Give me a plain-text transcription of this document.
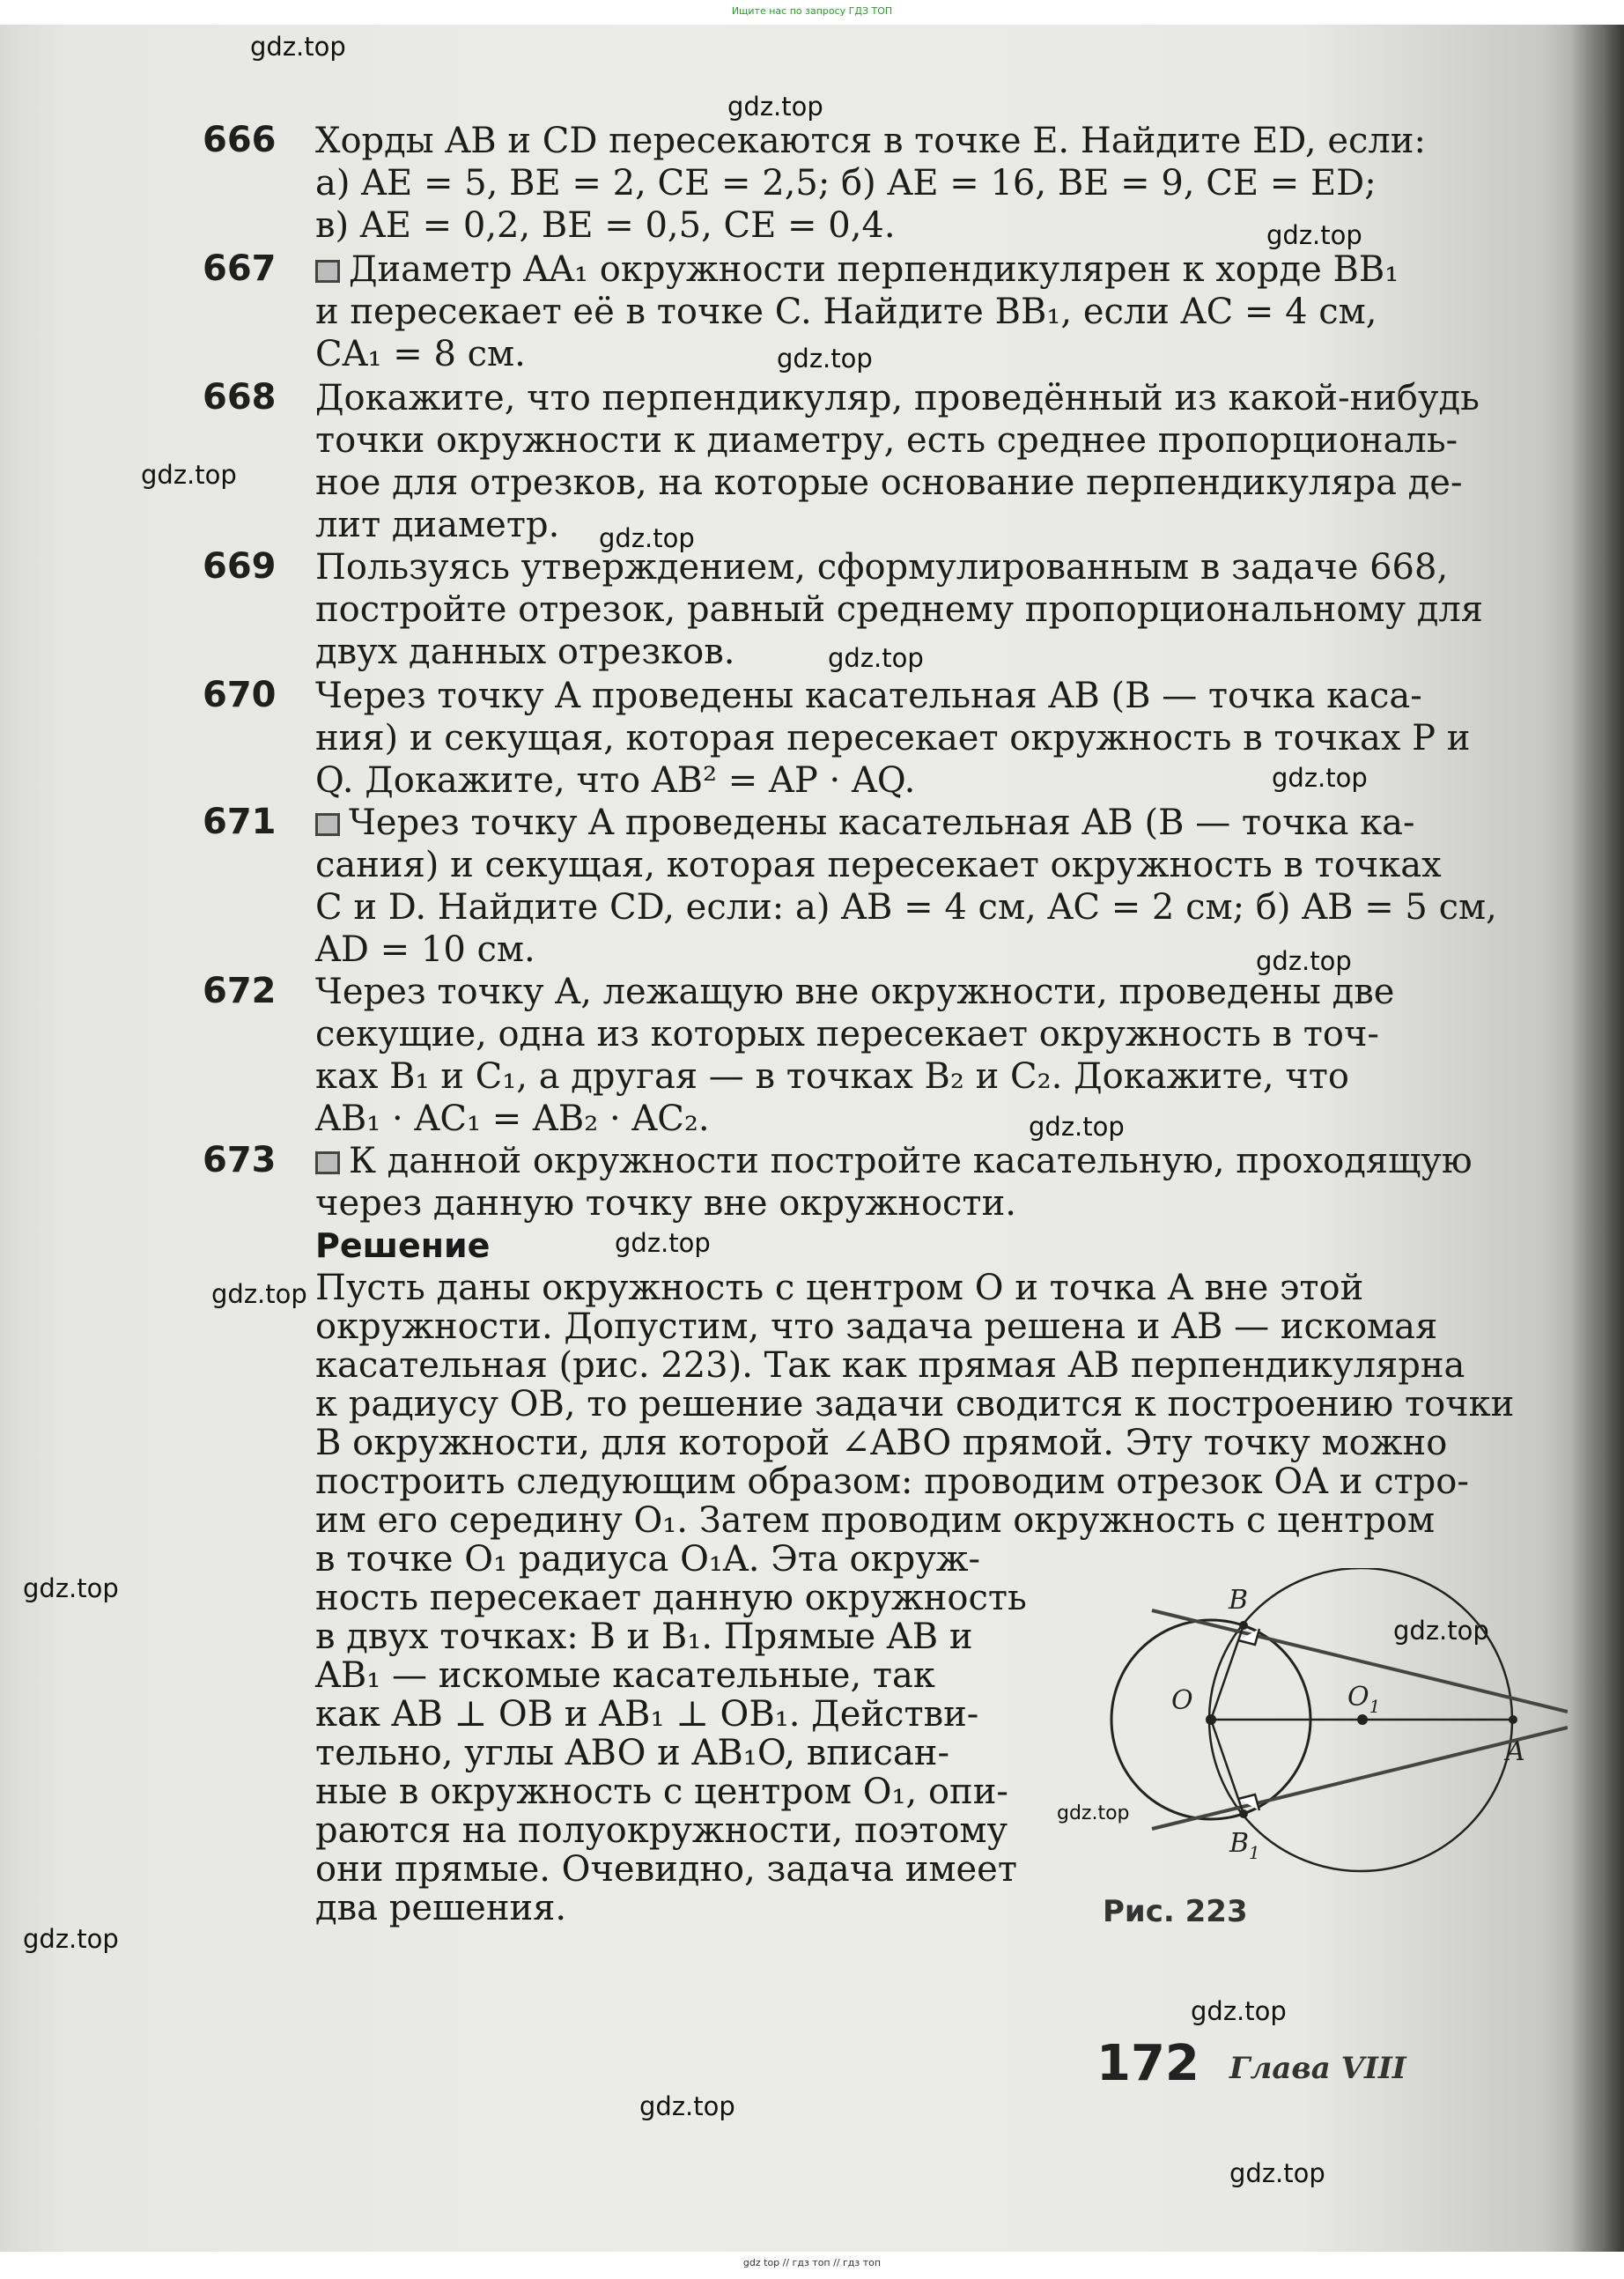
Ищите нас по запросу ГДЗ ТОП
gdz.top
gdz.top
gdz.top
gdz.top
gdz.top
gdz.top
gdz.top
gdz.top
gdz.top
gdz.top
gdz.top
gdz.top
gdz.top
gdz.top
gdz.top
gdz.top
gdz.top
gdz.top
gdz.top
666	Хорды AB и CD пересекаются в точке E. Найдите ED, если:
а) AE = 5, BE = 2, CE = 2,5; б) AE = 16, BE = 9, CE = ED;
в) AE = 0,2, BE = 0,5, CE = 0,4.
667	Диаметр AA₁ окружности перпендикулярен к хорде BB₁
и пересекает её в точке C. Найдите BB₁, если AC = 4 см,
CA₁ = 8 см.
668	Докажите, что перпендикуляр, проведённый из какой-нибудь
точки окружности к диаметру, есть среднее пропорциональ-
ное для отрезков, на которые основание перпендикуляра де-
лит диаметр.
669	Пользуясь утверждением, сформулированным в задаче 668,
постройте отрезок, равный среднему пропорциональному для
двух данных отрезков.
670	Через точку A проведены касательная AB (B — точка каса-
ния) и секущая, которая пересекает окружность в точках P и
Q. Докажите, что AB² = AP · AQ.
671	Через точку A проведены касательная AB (B — точка ка-
сания) и секущая, которая пересекает окружность в точках
C и D. Найдите CD, если: а) AB = 4 см, AC = 2 см; б) AB = 5 см,
AD = 10 см.
672	Через точку A, лежащую вне окружности, проведены две
секущие, одна из которых пересекает окружность в точ-
ках B₁ и C₁, а другая — в точках B₂ и C₂. Докажите, что
AB₁ · AC₁ = AB₂ · AC₂.
673	К данной окружности постройте касательную, проходящую
через данную точку вне окружности.
Решение
Пусть даны окружность с центром O и точка A вне этой
окружности. Допустим, что задача решена и AB — искомая
касательная (рис. 223). Так как прямая AB перпендикулярна
к радиусу OB, то решение задачи сводится к построению точки
B окружности, для которой ∠ABO прямой. Эту точку можно
построить следующим образом: проводим отрезок OA и стро-
им его середину O₁. Затем проводим окружность с центром
в точке O₁ радиуса O₁A. Эта окруж-
ность пересекает данную окружность
в двух точках: B и B₁. Прямые AB и
AB₁ — искомые касательные, так
как AB ⊥ OB и AB₁ ⊥ OB₁. Действи-
тельно, углы ABO и AB₁O, вписан-
ные в окружность с центром O₁, опи-
раются на полуокружности, поэтому
они прямые. Очевидно, задача имеет
два решения.
B
O	$O_1$
A
$B_1$
Рис. 223
172 Глава VIII
gdz top // гдз топ // гдз топ
